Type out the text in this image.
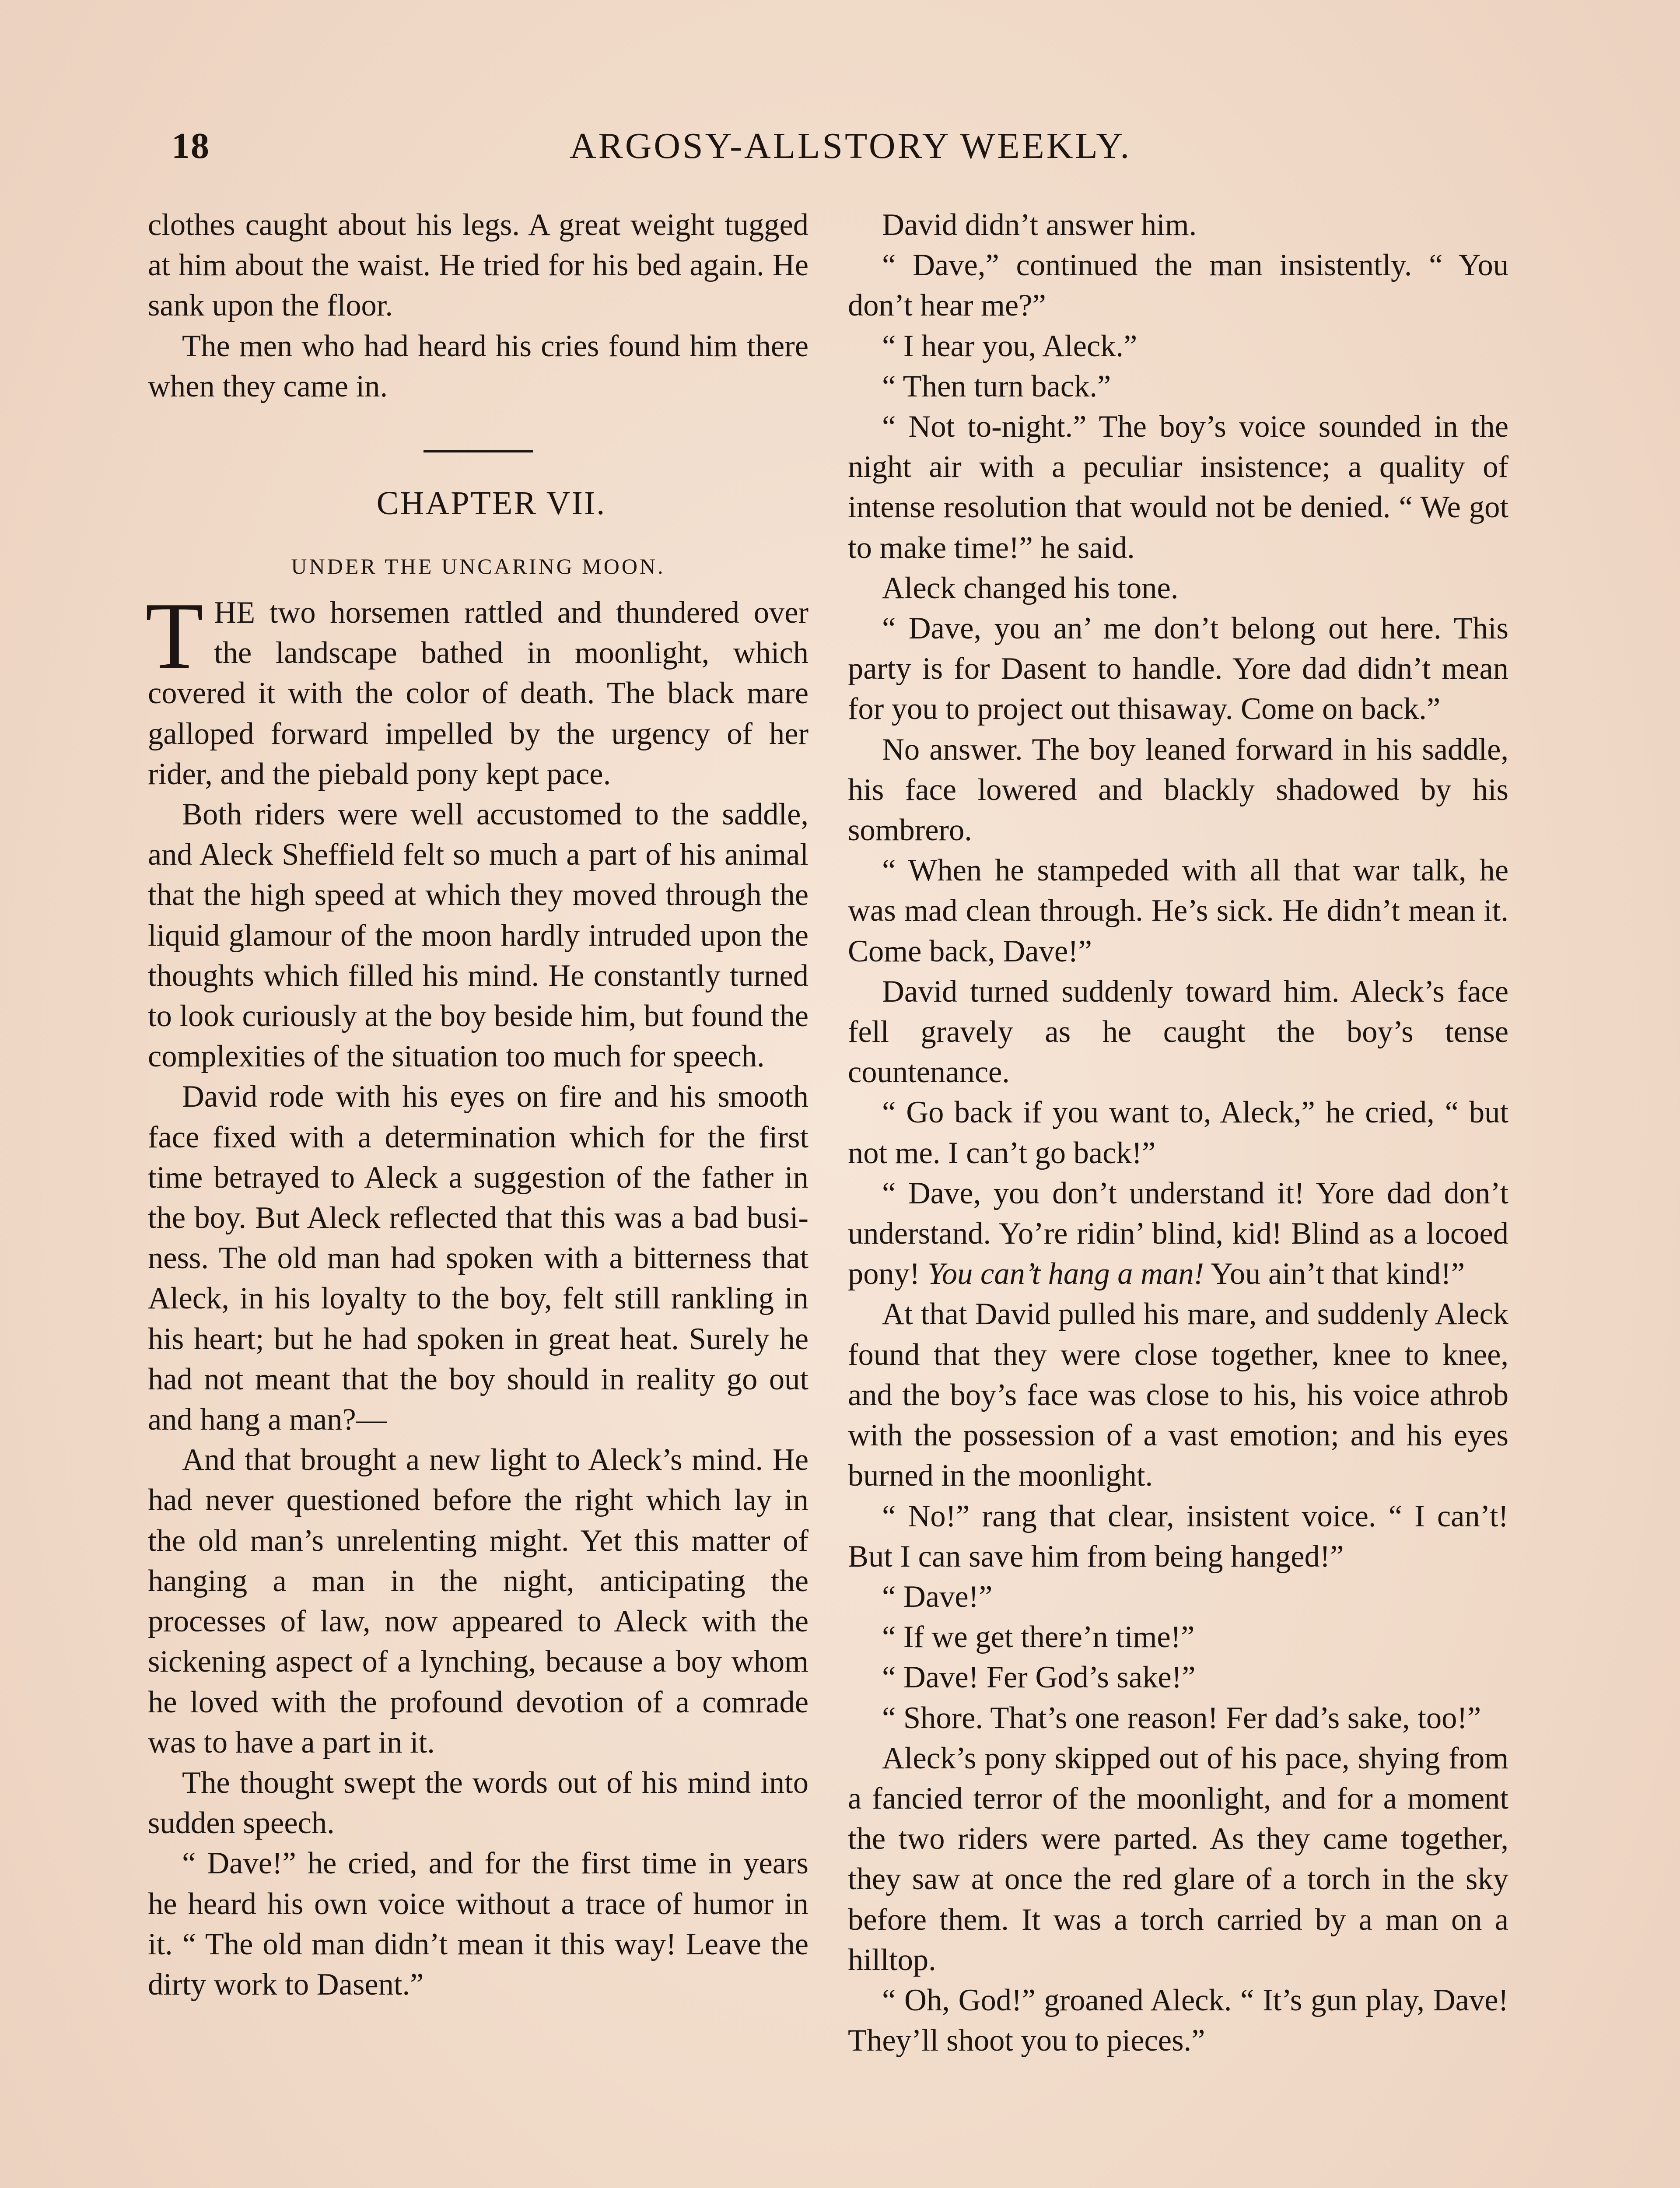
18	ARGOSY-ALLSTORY WEEKLY.

clothes caught about his legs. A great weight tugged at him about the waist. He tried for his bed again. He sank upon the floor.

The men who had heard his cries found him there when they came in.

CHAPTER VII.
UNDER THE UNCARING MOON.

THE two horsemen rattled and thundered over the landscape bathed in moonlight, which covered it with the color of death. The black mare galloped forward impelled by the urgency of her rider, and the piebald pony kept pace.

Both riders were well accustomed to the saddle, and Aleck Sheffield felt so much a part of his animal that the high speed at which they moved through the liquid glamour of the moon hardly intruded upon the thoughts which filled his mind. He constantly turned to look curiously at the boy beside him, but found the complexities of the situation too much for speech.

David rode with his eyes on fire and his smooth face fixed with a determination which for the first time betrayed to Aleck a suggestion of the father in the boy. But Aleck reflected that this was a bad business. The old man had spoken with a bitterness that Aleck, in his loyalty to the boy, felt still rankling in his heart; but he had spoken in great heat. Surely he had not meant that the boy should in reality go out and hang a man?—

And that brought a new light to Aleck’s mind. He had never questioned before the right which lay in the old man’s unrelenting might. Yet this matter of hanging a man in the night, anticipating the processes of law, now appeared to Aleck with the sickening aspect of a lynching, because a boy whom he loved with the profound devotion of a comrade was to have a part in it.

The thought swept the words out of his mind into sudden speech.

“ Dave!” he cried, and for the first time in years he heard his own voice without a trace of humor in it. “ The old man didn’t mean it this way! Leave the dirty work to Dasent.”

David didn’t answer him.

“ Dave,” continued the man insistently. “ You don’t hear me?”

“ I hear you, Aleck.”

“ Then turn back.”

“ Not to-night.” The boy’s voice sounded in the night air with a peculiar insistence; a quality of intense resolution that would not be denied. “ We got to make time!” he said.

Aleck changed his tone.

“ Dave, you an’ me don’t belong out here. This party is for Dasent to handle. Yore dad didn’t mean for you to project out thisaway. Come on back.”

No answer. The boy leaned forward in his saddle, his face lowered and blackly shadowed by his sombrero.

“ When he stampeded with all that war talk, he was mad clean through. He’s sick. He didn’t mean it. Come back, Dave!”

David turned suddenly toward him. Aleck’s face fell gravely as he caught the boy’s tense countenance.

“ Go back if you want to, Aleck,” he cried, “ but not me. I can’t go back!”

“ Dave, you don’t understand it! Yore dad don’t understand. Yo’re ridin’ blind, kid! Blind as a locoed pony! You can’t hang a man! You ain’t that kind!”

At that David pulled his mare, and suddenly Aleck found that they were close together, knee to knee, and the boy’s face was close to his, his voice athrob with the possession of a vast emotion; and his eyes burned in the moonlight.

“ No!” rang that clear, insistent voice. “ I can’t! But I can save him from being hanged!”

“ Dave!”

“ If we get there’n time!”

“ Dave! Fer God’s sake!”

“ Shore. That’s one reason! Fer dad’s sake, too!”

Aleck’s pony skipped out of his pace, shying from a fancied terror of the moonlight, and for a moment the two riders were parted. As they came together, they saw at once the red glare of a torch in the sky before them. It was a torch carried by a man on a hilltop.

“ Oh, God!” groaned Aleck. “ It’s gun play, Dave! They’ll shoot you to pieces.”
